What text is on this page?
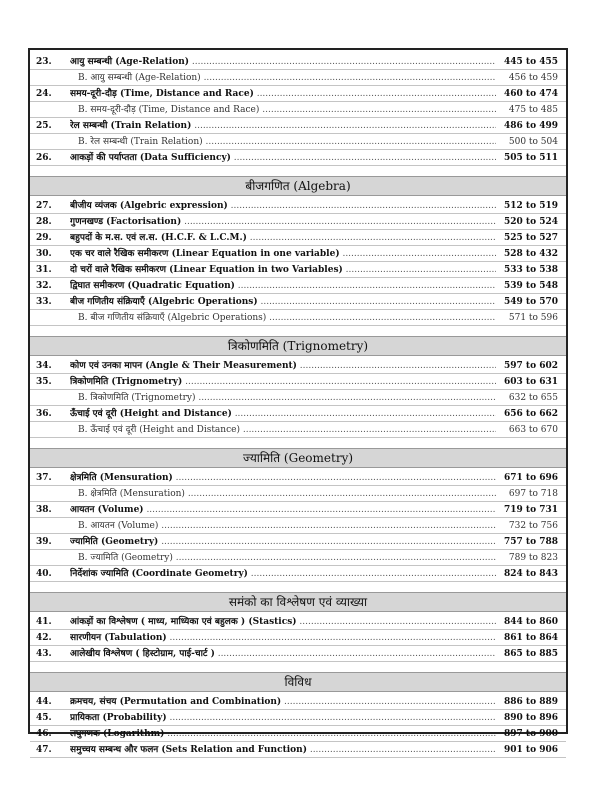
23.	आयु सम्बन्धी (Age-Relation) .....	445 to 455
B. आयु सम्बन्धी (Age-Relation) .....	456 to 459
24.	समय-दूरी-दौड़ (Time, Distance and Race) .....	460 to 474
B. समय-दूरी-दौड़ (Time, Distance and Race) .....	475 to 485
25.	रेल सम्बन्धी (Train Relation) .....	486 to 499
B. रेल सम्बन्धी (Train Relation) .....	500 to 504
26.	आकड़ों की पर्याप्तता (Data Sufficiency) .....	505 to 511
बीजगणित (Algebra)
27.	बीजीय व्यंजक (Algebric expression) .....	512 to 519
28.	गुणनखण्ड (Factorisation) .....	520 to 524
29.	बहुपदों के म.स. एवं ल.स. (H.C.F. & L.C.M.) .....	525 to 527
30.	एक चर वाले रैखिक समीकरण (Linear Equation in one variable) .....	528 to 432
31.	दो चरों वाले रैखिक समीकरण (Linear Equation in two Variables) .....	533 to 538
32.	द्विघात समीकरण (Quadratic Equation) .....	539 to 548
33.	बीज गणितीय संक्रियाएँ (Algebric Operations) .....	549 to 570
B. बीज गणितीय संक्रियाएँ (Algebric Operations) .....	571 to 596
त्रिकोणमिति (Trignometry)
34.	कोण एवं उनका मापन (Angle & Their Measurement) .....	597 to 602
35.	त्रिकोणमिति (Trignometry) .....	603 to 631
B. त्रिकोणमिति (Trignometry) .....	632 to 655
36.	ऊँचाई एवं दूरी (Height and Distance) .....	656 to 662
B. ऊँचाई एवं दूरी (Height and Distance) .....	663 to 670
ज्यामिति (Geometry)
37.	क्षेत्रमिति (Mensuration) .....	671 to 696
B. क्षेत्रमिति (Mensuration) .....	697 to 718
38.	आयतन (Volume) .....	719 to 731
B. आयतन (Volume) .....	732 to 756
39.	ज्यामिति (Geometry) .....	757 to 788
B. ज्यामिति (Geometry) .....	789 to 823
40.	निर्देशांक ज्यामिति (Coordinate Geometry) .....	824 to 843
समंको का विश्लेषण एवं व्याख्या
41.	आंकड़ों का विश्लेषण ( माध्य, माध्यिका एवं बहुलक ) (Stastics) .....	844 to 860
42.	सारणीयन (Tabulation) .....	861 to 864
43.	आलेखीय विश्लेषण ( हिस्टोग्राम, पाई-चार्ट ) .....	865 to 885
विविध
44.	क्रमचय, संचय (Permutation and Combination) .....	886 to 889
45.	प्रायिकता (Probability) .....	890 to 896
46.	लघुगणक (Logarithm) .....	897 to 900
47.	समुच्चय सम्बन्ध और फलन (Sets Relation and Function) .....	901 to 906
